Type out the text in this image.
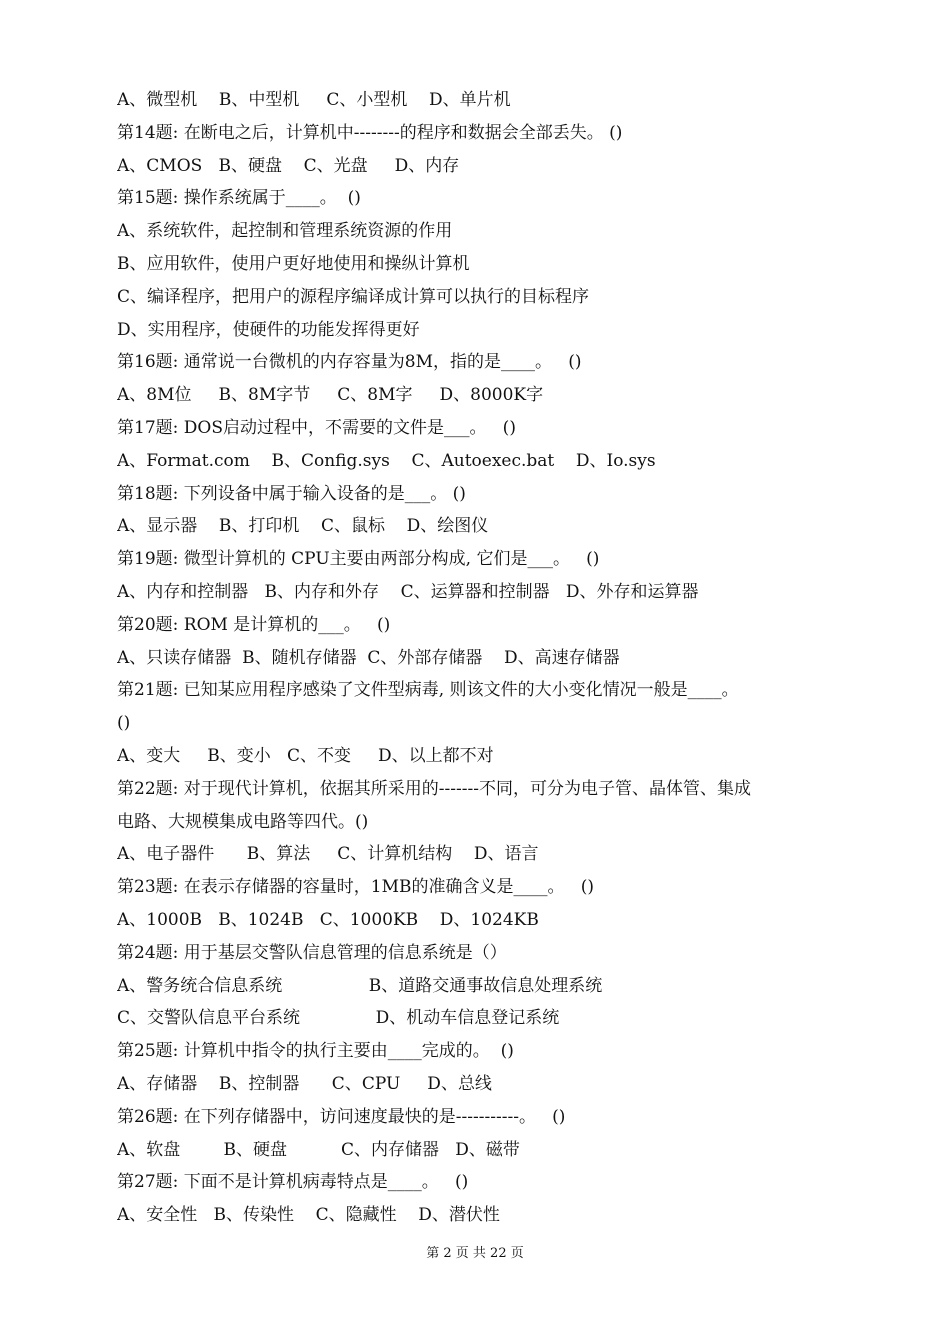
A、微型机    B、中型机     C、小型机    D、单片机
第14题: 在断电之后，计算机中--------的程序和数据会全部丢失。 ()
A、CMOS   B、硬盘    C、光盘     D、内存
第15题: 操作系统属于____。  ()
A、系统软件，起控制和管理系统资源的作用
B、应用软件，使用户更好地使用和操纵计算机
C、编译程序，把用户的源程序编译成计算可以执行的目标程序
D、实用程序，使硬件的功能发挥得更好
第16题: 通常说一台微机的内存容量为8M，指的是____。   ()
A、8M位     B、8M字节     C、8M字     D、8000K字
第17题: DOS启动过程中，不需要的文件是___。   ()
A、Format.com    B、Config.sys    C、Autoexec.bat    D、Io.sys
第18题: 下列设备中属于输入设备的是___。 ()
A、显示器    B、打印机    C、鼠标    D、绘图仪
第19题: 微型计算机的 CPU主要由两部分构成, 它们是___。   ()
A、内存和控制器   B、内存和外存    C、运算器和控制器   D、外存和运算器
第20题: ROM 是计算机的___。   ()
A、只读存储器  B、随机存储器  C、外部存储器    D、高速存储器
第21题: 已知某应用程序感染了文件型病毒, 则该文件的大小变化情况一般是____。
()
A、变大     B、变小   C、不变     D、以上都不对
第22题: 对于现代计算机，依据其所采用的-------不同，可分为电子管、晶体管、集成
电路、大规模集成电路等四代。()
A、电子器件      B、算法     C、计算机结构    D、语言
第23题: 在表示存储器的容量时，1MB的准确含义是____。   ()
A、1000B   B、1024B   C、1000KB    D、1024KB
第24题: 用于基层交警队信息管理的信息系统是（）
A、警务统合信息系统                B、道路交通事故信息处理系统
C、交警队信息平台系统              D、机动车信息登记系统
第25题: 计算机中指令的执行主要由____完成的。  ()
A、存储器    B、控制器      C、CPU     D、总线
第26题: 在下列存储器中，访问速度最快的是-----------。   ()
A、软盘        B、硬盘          C、内存储器   D、磁带
第27题: 下面不是计算机病毒特点是____。   ()
A、安全性   B、传染性    C、隐藏性    D、潜伏性
第 2 页 共 22 页
